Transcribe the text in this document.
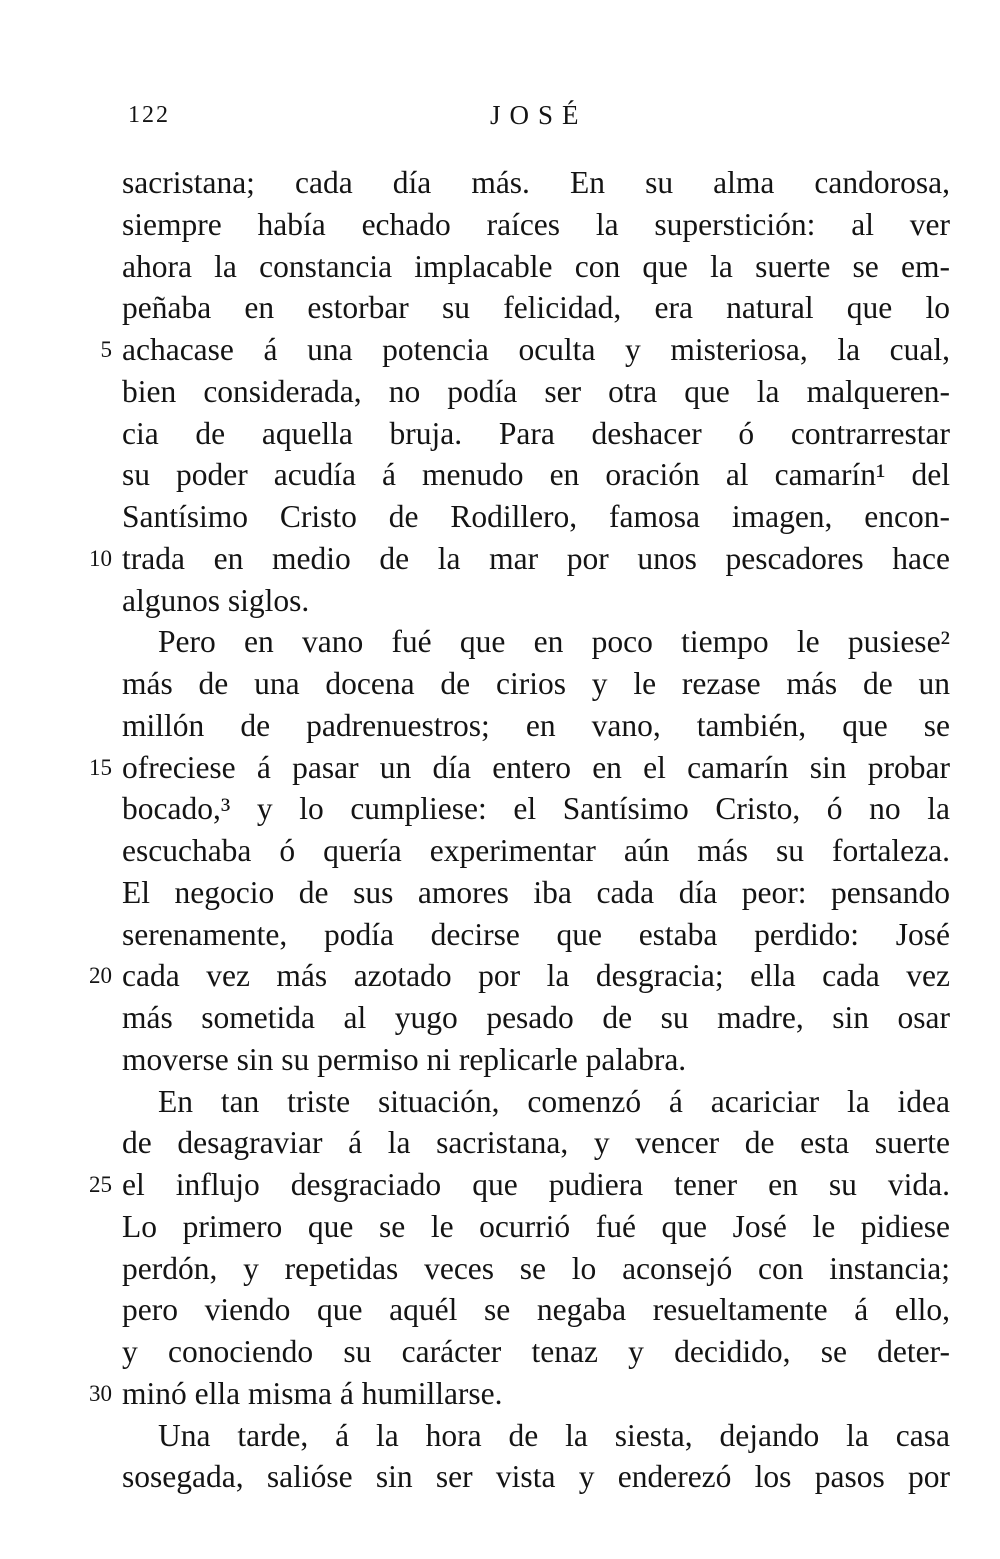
122	JOSÉ
sacristana; cada día más. En su alma candorosa,
siempre había echado raíces la superstición: al ver
ahora la constancia implacable con que la suerte se em-
peñaba en estorbar su felicidad, era natural que lo
5 achacase á una potencia oculta y misteriosa, la cual,
bien considerada, no podía ser otra que la malqueren-
cia de aquella bruja. Para deshacer ó contrarrestar
su poder acudía á menudo en oración al camarín¹ del
Santísimo Cristo de Rodillero, famosa imagen, encon-
10 trada en medio de la mar por unos pescadores hace
algunos siglos.
Pero en vano fué que en poco tiempo le pusiese²
más de una docena de cirios y le rezase más de un
millón de padrenuestros; en vano, también, que se
15 ofreciese á pasar un día entero en el camarín sin probar
bocado,³ y lo cumpliese: el Santísimo Cristo, ó no la
escuchaba ó quería experimentar aún más su fortaleza.
El negocio de sus amores iba cada día peor: pensando
serenamente, podía decirse que estaba perdido: José
20 cada vez más azotado por la desgracia; ella cada vez
más sometida al yugo pesado de su madre, sin osar
moverse sin su permiso ni replicarle palabra.
En tan triste situación, comenzó á acariciar la idea
de desagraviar á la sacristana, y vencer de esta suerte
25 el influjo desgraciado que pudiera tener en su vida.
Lo primero que se le ocurrió fué que José le pidiese
perdón, y repetidas veces se lo aconsejó con instancia;
pero viendo que aquél se negaba resueltamente á ello,
y conociendo su carácter tenaz y decidido, se deter-
30 minó ella misma á humillarse.
Una tarde, á la hora de la siesta, dejando la casa
sosegada, salióse sin ser vista y enderezó los pasos por
